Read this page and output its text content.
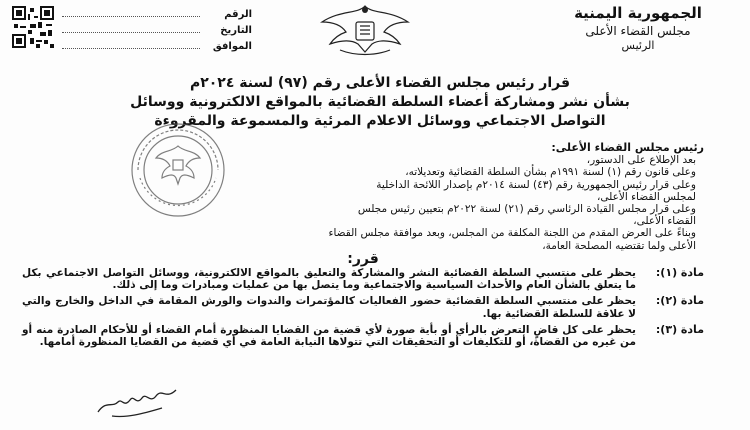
الجمهورية اليمنية
مجلس القضاء الأعلى
الرئيس
الرقم
التاريخ
الموافق
قرار رئيس مجلس القضاء الأعلى رقم (٩٧) لسنة ٢٠٢٤م
بشأن نشر ومشاركة أعضاء السلطة القضائية بالمواقع الالكترونية ووسائل
التواصل الاجتماعي ووسائل الاعلام المرئية والمسموعة والمقروءة

رئيس مجلس القضاء الأعلى:

بعد الإطلاع على الدستور،

وعلى قانون رقم (١) لسنة ١٩٩١م بشأن السلطة القضائية وتعديلاته،

وعلى قرار رئيس الجمهورية رقم (٤٣) لسنة ٢٠١٤م بإصدار اللائحة الداخلية

لمجلس القضاء الأعلى،

وعلى قرار مجلس القيادة الرئاسي رقم (٢١) لسنة ٢٠٢٢م بتعيين رئيس مجلس

القضاء الأعلى،

وبناءً على العرض المقدم من اللجنة المكلفة من المجلس، وبعد موافقة مجلس القضاء

الأعلى ولما تقتضيه المصلحة العامة،

قرر:
مادة (١):
يحظر على منتسبي السلطة القضائية النشر والمشاركة والتعليق بالمواقع الالكترونية، ووسائل التواصل الاجتماعي بكل ما يتعلق بالشأن العام والأحداث السياسية والاجتماعية وما يتصل بها من عمليات ومبادرات وما إلى ذلك.
مادة (٢):
يحظر على منتسبي السلطة القضائية حضور الفعاليات كالمؤتمرات والندوات والورش المقامة في الداخل والخارج والتي لا علاقة للسلطة القضائية بها.
مادة (٣):
يحظر على كل قاضٍ التعرض بالرأي أو بأية صورة لأي قضية من القضايا المنظورة أمام القضاء أو للأحكام الصادرة منه أو من غيره من القضاة، أو للتكليفات أو التحقيقات التي تتولاها النيابة العامة في أي قضية من القضايا المنظورة أمامها.
